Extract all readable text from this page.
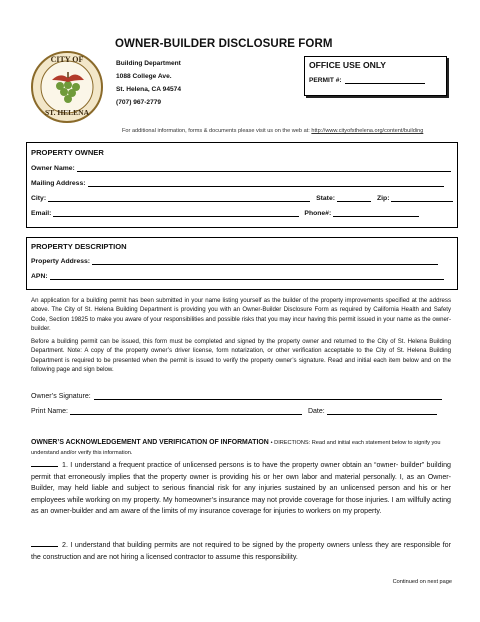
CITY OF
ST. HELENA
OWNER-BUILDER DISCLOSURE FORM
Building Department
1088 College Ave.
St. Helena, CA 94574
(707) 967-2779
OFFICE USE ONLY
PERMIT #:
For additional information, forms & documents please visit us on the web at: http://www.cityofsthelena.org/content/building
PROPERTY OWNER
Owner Name:
Mailing Address:
City:	State:	Zip:
Email:	Phone#:
PROPERTY DESCRIPTION
Property Address:
APN:
An application for a building permit has been submitted in your name listing yourself as the builder of the property improvements specified at the address above. The City of St. Helena Building Department is providing you with an Owner-Builder Disclosure Form as required by California Health and Safety Code, Section 19825 to make you aware of your responsibilities and possible risks that you may incur having this permit issued in your name as the owner-builder.
Before a building permit can be issued, this form must be completed and signed by the property owner and returned to the City of St. Helena Building Department. Note: A copy of the property owner’s driver license, form notarization, or other verification acceptable to the City of St. Helena Building Department is required to be presented when the permit is issued to verify the property owner’s signature. Read and initial each item below and on the following page and sign below.
Owner’s Signature:
Print Name:	Date:
OWNER’S ACKNOWLEDGEMENT AND VERIFICATION OF INFORMATION • DIRECTIONS: Read and initial each statement below to signify you understand and/or verify this information.
1. I understand a frequent practice of unlicensed persons is to have the property owner obtain an “owner- builder” building permit that erroneously implies that the property owner is providing his or her own labor and material personally. I, as an Owner-Builder, may held liable and subject to serious financial risk for any injuries sustained by an unlicensed person and his or her employees while working on my property. My homeowner’s insurance may not provide coverage for those injuries. I am willfully acting as an owner-builder and am aware of the limits of my insurance coverage for injuries to workers on my property.
2. I understand that building permits are not required to be signed by the property owners unless they are responsible for the construction and are not hiring a licensed contractor to assume this responsibility.
Continued on next page
